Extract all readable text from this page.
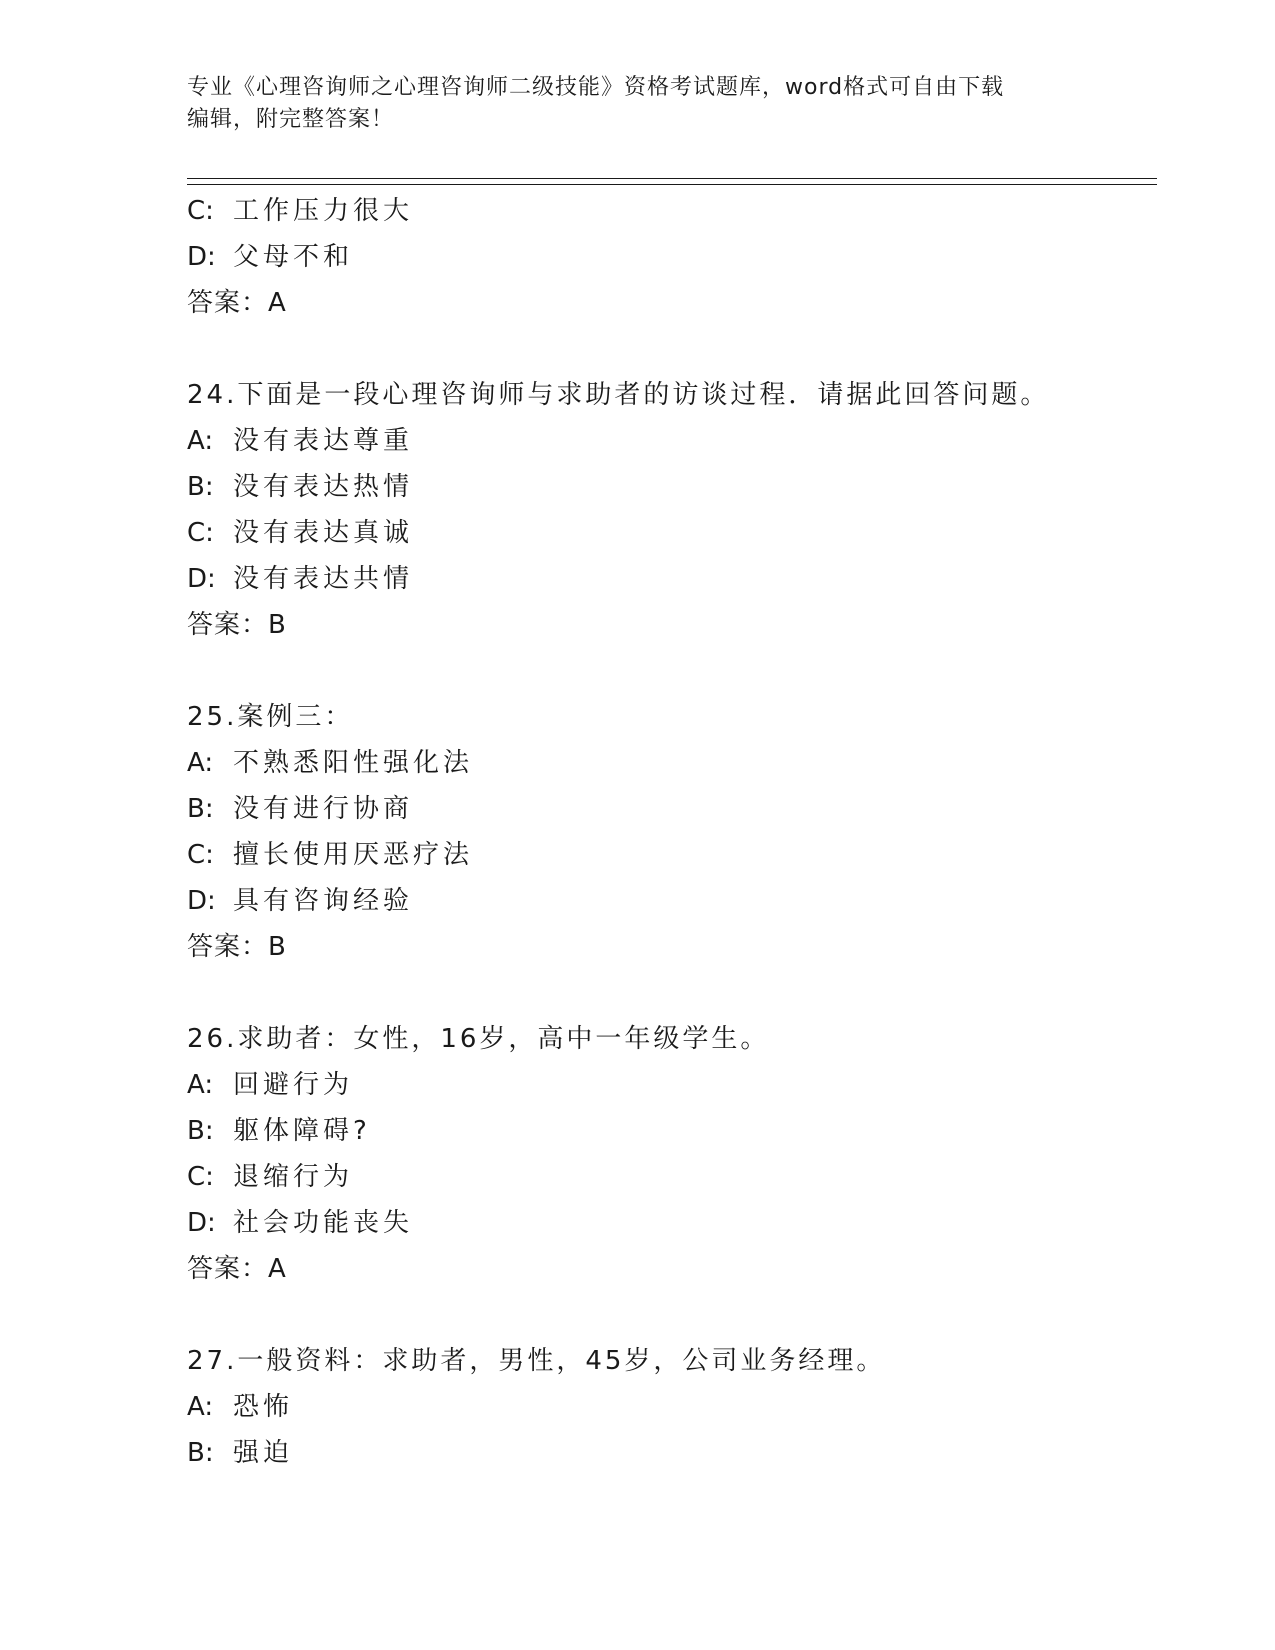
专业《心理咨询师之心理咨询师二级技能》资格考试题库，word格式可自由下载
编辑，附完整答案！
C: 工作压力很大
D: 父母不和
答案：A
24.下面是一段心理咨询师与求助者的访谈过程．请据此回答问题。
A: 没有表达尊重
B: 没有表达热情
C: 没有表达真诚
D: 没有表达共情
答案：B
25.案例三：
A: 不熟悉阳性强化法
B: 没有进行协商
C: 擅长使用厌恶疗法
D: 具有咨询经验
答案：B
26.求助者：女性，16岁，高中一年级学生。
A: 回避行为
B: 躯体障碍?
C: 退缩行为
D: 社会功能丧失
答案：A
27.一般资料：求助者，男性，45岁，公司业务经理。
A: 恐怖
B: 强迫
